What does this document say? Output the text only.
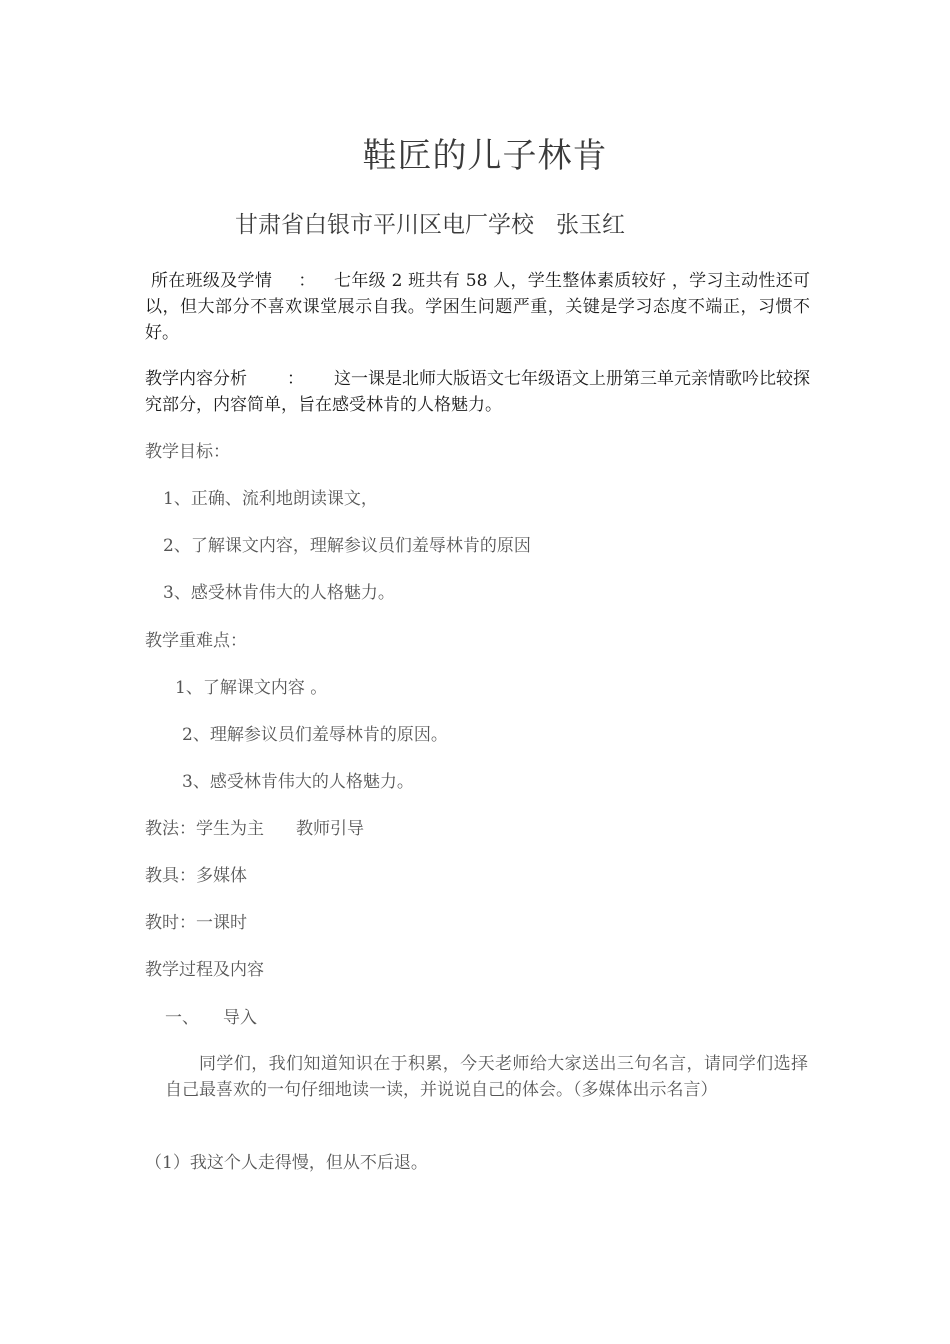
鞋匠的儿子林肯
甘肃省白银市平川区电厂学校 张玉红
所在班级及学情 ： 七年级 2 班共有 58 人，学生整体素质较好 ，学习主动性还可以，但大部分不喜欢课堂展示自我。学困生问题严重，关键是学习态度不端正，习惯不好。
教学内容分析 ： 这一课是北师大版语文七年级语文上册第三单元亲情歌吟比较探究部分，内容简单，旨在感受林肯的人格魅力。
教学目标：
1、正确、流利地朗读课文，
2、了解课文内容，理解参议员们羞辱林肯的原因
3、感受林肯伟大的人格魅力。
教学重难点：
1、了解课文内容 。
2、理解参议员们羞辱林肯的原因。
3、感受林肯伟大的人格魅力。
教法：学生为主 教师引导
教具：多媒体
教时：一课时
教学过程及内容
一、 导入
同学们，我们知道知识在于积累，今天老师给大家送出三句名言，请同学们选择自己最喜欢的一句仔细地读一读，并说说自己的体会。（多媒体出示名言）
（1）我这个人走得慢，但从不后退。
